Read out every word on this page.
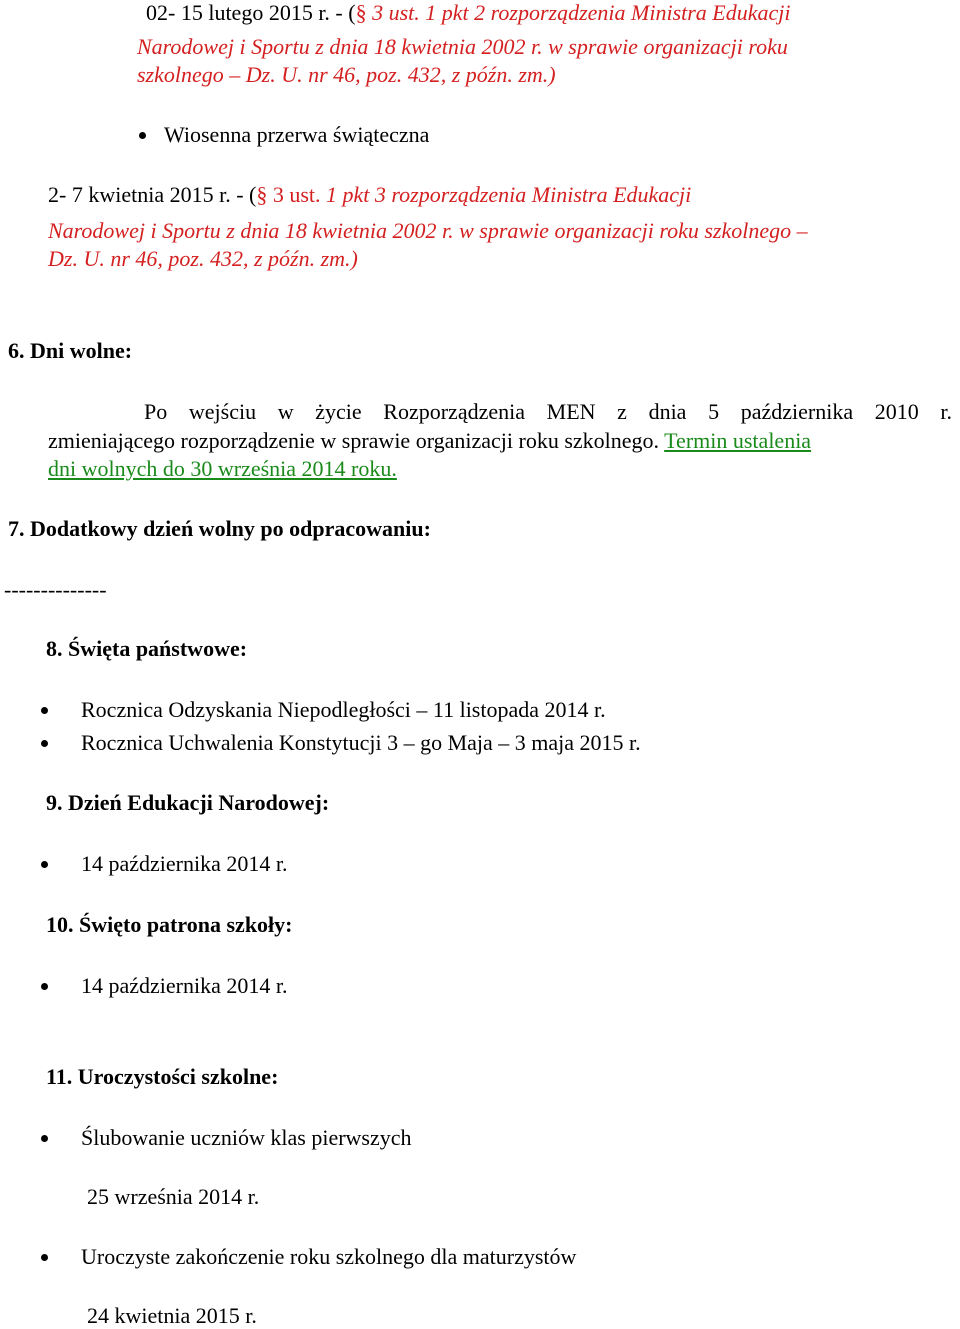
02- 15 lutego 2015 r. - (§ 3 ust. 1 pkt 2 rozporządzenia Ministra Edukacji
Narodowej i Sportu z dnia 18 kwietnia 2002 r. w sprawie organizacji roku
szkolnego – Dz. U. nr 46, poz. 432, z późn. zm.)
Wiosenna przerwa świąteczna
2- 7 kwietnia 2015 r. - (§ 3 ust. 1 pkt 3 rozporządzenia Ministra Edukacji
Narodowej i Sportu z dnia 18 kwietnia 2002 r. w sprawie organizacji roku szkolnego –
Dz. U. nr 46, poz. 432, z późn. zm.)
6. Dni wolne:
Po wejściu w życie Rozporządzenia MEN z dnia 5 października 2010 r.
zmieniającego rozporządzenie w sprawie organizacji roku szkolnego. Termin ustalenia
dni wolnych do 30 września 2014 roku.
7. Dodatkowy dzień wolny po odpracowaniu:
--------------
8. Święta państwowe:
Rocznica Odzyskania Niepodległości – 11 listopada 2014 r.
Rocznica Uchwalenia Konstytucji 3 – go Maja – 3 maja 2015 r.
9. Dzień Edukacji Narodowej:
14 października 2014 r.
10. Święto patrona szkoły:
14 października 2014 r.
11. Uroczystości szkolne:
Ślubowanie uczniów klas pierwszych
25 września 2014 r.
Uroczyste zakończenie roku szkolnego dla maturzystów
24 kwietnia 2015 r.
